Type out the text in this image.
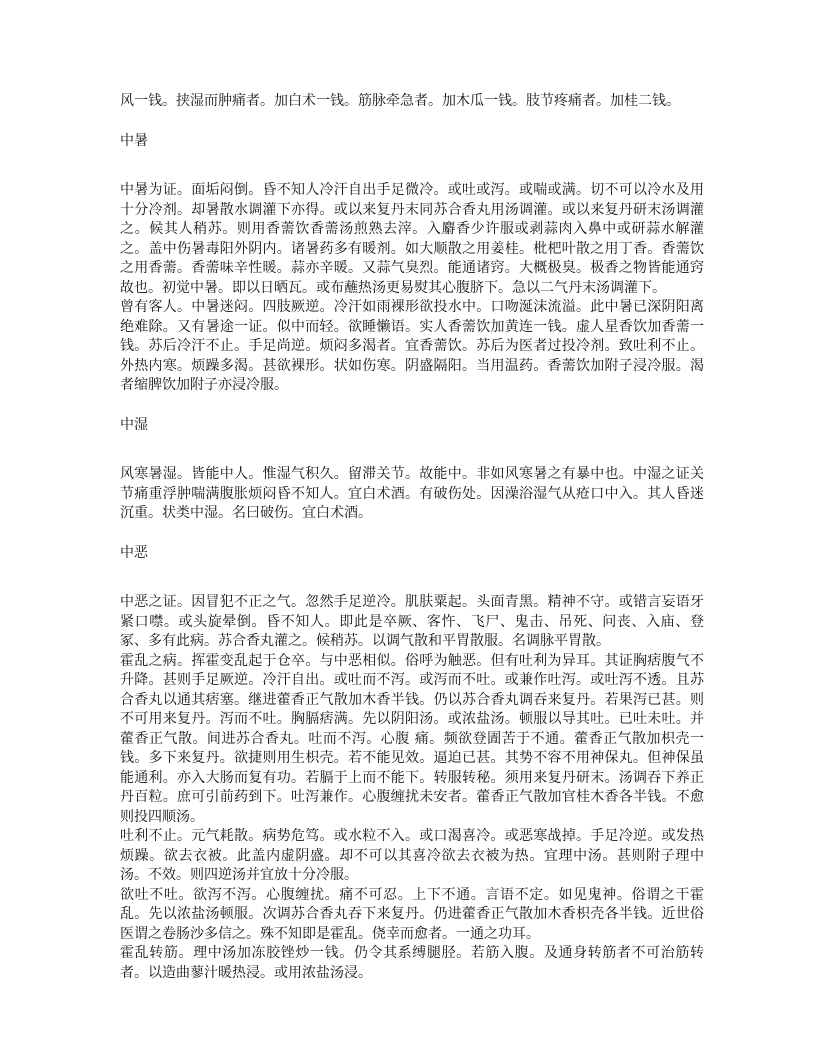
风一钱。挟湿而肿痛者。加白术一钱。筋脉牵急者。加木瓜一钱。肢节疼痛者。加桂二钱。

中暑

中暑为证。面垢闷倒。昏不知人冷汗自出手足微冷。或吐或泻。或喘或满。切不可以冷水及用十分冷剂。却暑散水调灌下亦得。或以来复丹末同苏合香丸用汤调灌。或以来复丹研末汤调灌之。候其人稍苏。则用香薷饮香薷汤煎熟去滓。入麝香少许服或剥蒜肉入鼻中或研蒜水解灌之。盖中伤暑毒阳外阴内。诸暑药多有暖剂。如大顺散之用姜桂。枇杷叶散之用丁香。香薷饮之用香薷。香薷味辛性暖。蒜亦辛暖。又蒜气臭烈。能通诸窍。大概极臭。极香之物皆能通窍故也。初觉中暑。即以日晒瓦。或布蘸热汤更易熨其心腹脐下。急以二气丹末汤调灌下。

曾有客人。中暑迷闷。四肢厥逆。冷汗如雨裸形欲投水中。口吻涎沫流溢。此中暑已深阴阳离绝难除。又有暑途一证。似中而轻。欲睡懒语。实人香薷饮加黄连一钱。虚人星香饮加香薷一钱。苏后冷汗不止。手足尚逆。烦闷多渴者。宜香薷饮。苏后为医者过投冷剂。致吐利不止。外热内寒。烦躁多渴。甚欲裸形。状如伤寒。阴盛隔阳。当用温药。香薷饮加附子浸冷服。渴者缩脾饮加附子亦浸冷服。

中湿

风寒暑湿。皆能中人。惟湿气积久。留滞关节。故能中。非如风寒暑之有暴中也。中湿之证关节痛重浮肿喘满腹胀烦闷昏不知人。宜白术酒。有破伤处。因澡浴湿气从疮口中入。其人昏迷沉重。状类中湿。名曰破伤。宜白术酒。

中恶

中恶之证。因冒犯不正之气。忽然手足逆冷。肌肤粟起。头面青黑。精神不守。或错言妄语牙紧口噤。或头旋晕倒。昏不知人。即此是卒厥、客忤、飞尸、鬼击、吊死、问丧、入庙、登冢、多有此病。苏合香丸灌之。候稍苏。以调气散和平胃散服。名调脉平胃散。

霍乱之病。挥霍变乱起于仓卒。与中恶相似。俗呼为触恶。但有吐利为异耳。其证胸痞腹气不升降。甚则手足厥逆。冷汗自出。或吐而不泻。或泻而不吐。或兼作吐泻。或吐泻不透。且苏合香丸以通其痞塞。继进藿香正气散加木香半钱。仍以苏合香丸调吞来复丹。若果泻已甚。则不可用来复丹。泻而不吐。胸膈痞满。先以阴阳汤。或浓盐汤。顿服以导其吐。已吐未吐。并藿香正气散。间进苏合香丸。吐而不泻。心腹 痛。频欲登圊苦于不通。藿香正气散加枳壳一钱。多下来复丹。欲捷则用生枳壳。若不能见效。逼迫已甚。其势不容不用神保丸。但神保虽能通利。亦入大肠而复有功。若膈于上而不能下。转服转秘。须用来复丹研末。汤调吞下养正丹百粒。庶可引前药到下。吐泻兼作。心腹缠扰未安者。藿香正气散加官桂木香各半钱。不愈则投四顺汤。

吐利不止。元气耗散。病势危笃。或水粒不入。或口渴喜冷。或恶寒战掉。手足冷逆。或发热烦躁。欲去衣被。此盖内虚阴盛。却不可以其喜冷欲去衣被为热。宜理中汤。甚则附子理中汤。不效。则四逆汤并宜放十分冷服。

欲吐不吐。欲泻不泻。心腹缠扰。痛不可忍。上下不通。言语不定。如见鬼神。俗谓之干霍乱。先以浓盐汤顿服。次调苏合香丸吞下来复丹。仍进藿香正气散加木香枳壳各半钱。近世俗医谓之卷肠沙多信之。殊不知即是霍乱。侥幸而愈者。一通之功耳。

霍乱转筋。理中汤加冻胶锉炒一钱。仍令其系缚腿胫。若筋入腹。及通身转筋者不可治筋转者。以造曲蓼汁暖热浸。或用浓盐汤浸。
